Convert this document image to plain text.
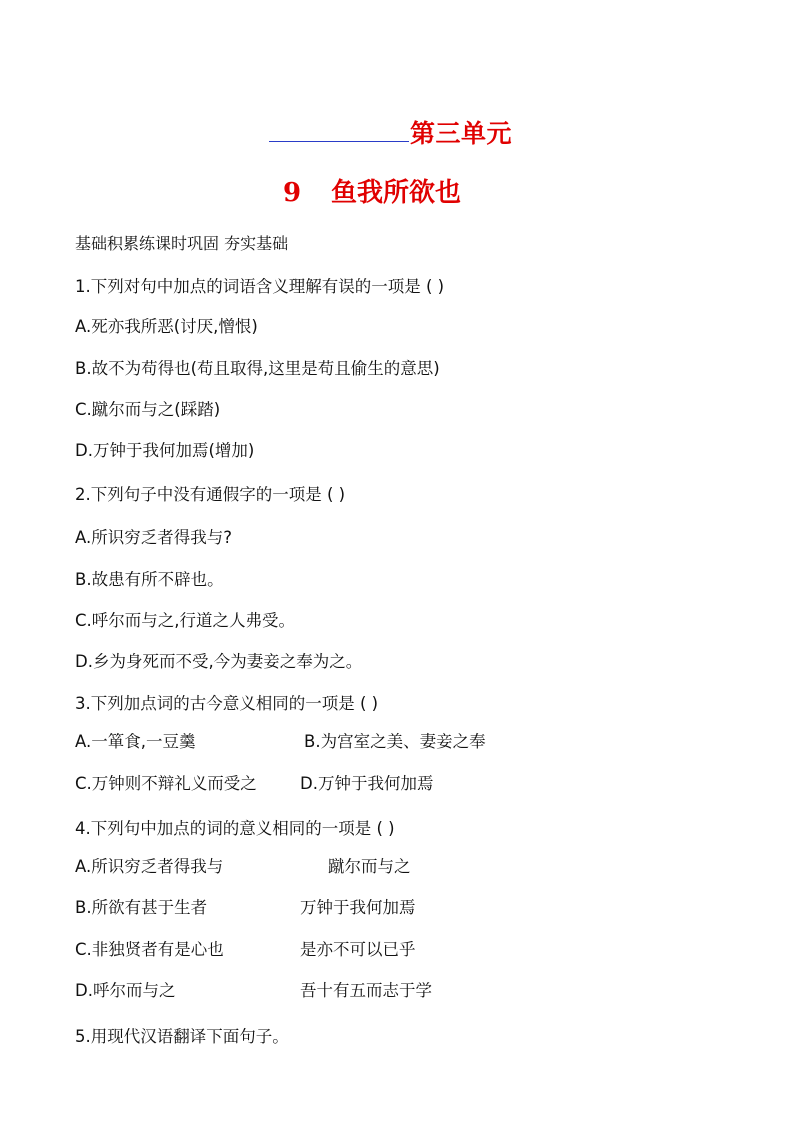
第三单元
9 鱼我所欲也
基础积累练课时巩固 夯实基础
1.下列对句中加点的词语含义理解有误的一项是 ( )
A.死亦我所恶(讨厌,憎恨)
B.故不为苟得也(苟且取得,这里是苟且偷生的意思)
C.蹴尔而与之(踩踏)
D.万钟于我何加焉(增加)
2.下列句子中没有通假字的一项是 ( )
A.所识穷乏者得我与?
B.故患有所不辟也。
C.呼尔而与之,行道之人弗受。
D.乡为身死而不受,今为妻妾之奉为之。
3.下列加点词的古今意义相同的一项是 ( )
A.一箪食,一豆羹	B.为宫室之美、妻妾之奉
C.万钟则不辩礼义而受之	D.万钟于我何加焉
4.下列句中加点的词的意义相同的一项是 ( )
A.所识穷乏者得我与	蹴尔而与之
B.所欲有甚于生者	万钟于我何加焉
C.非独贤者有是心也	是亦不可以已乎
D.呼尔而与之	吾十有五而志于学
5.用现代汉语翻译下面句子。
